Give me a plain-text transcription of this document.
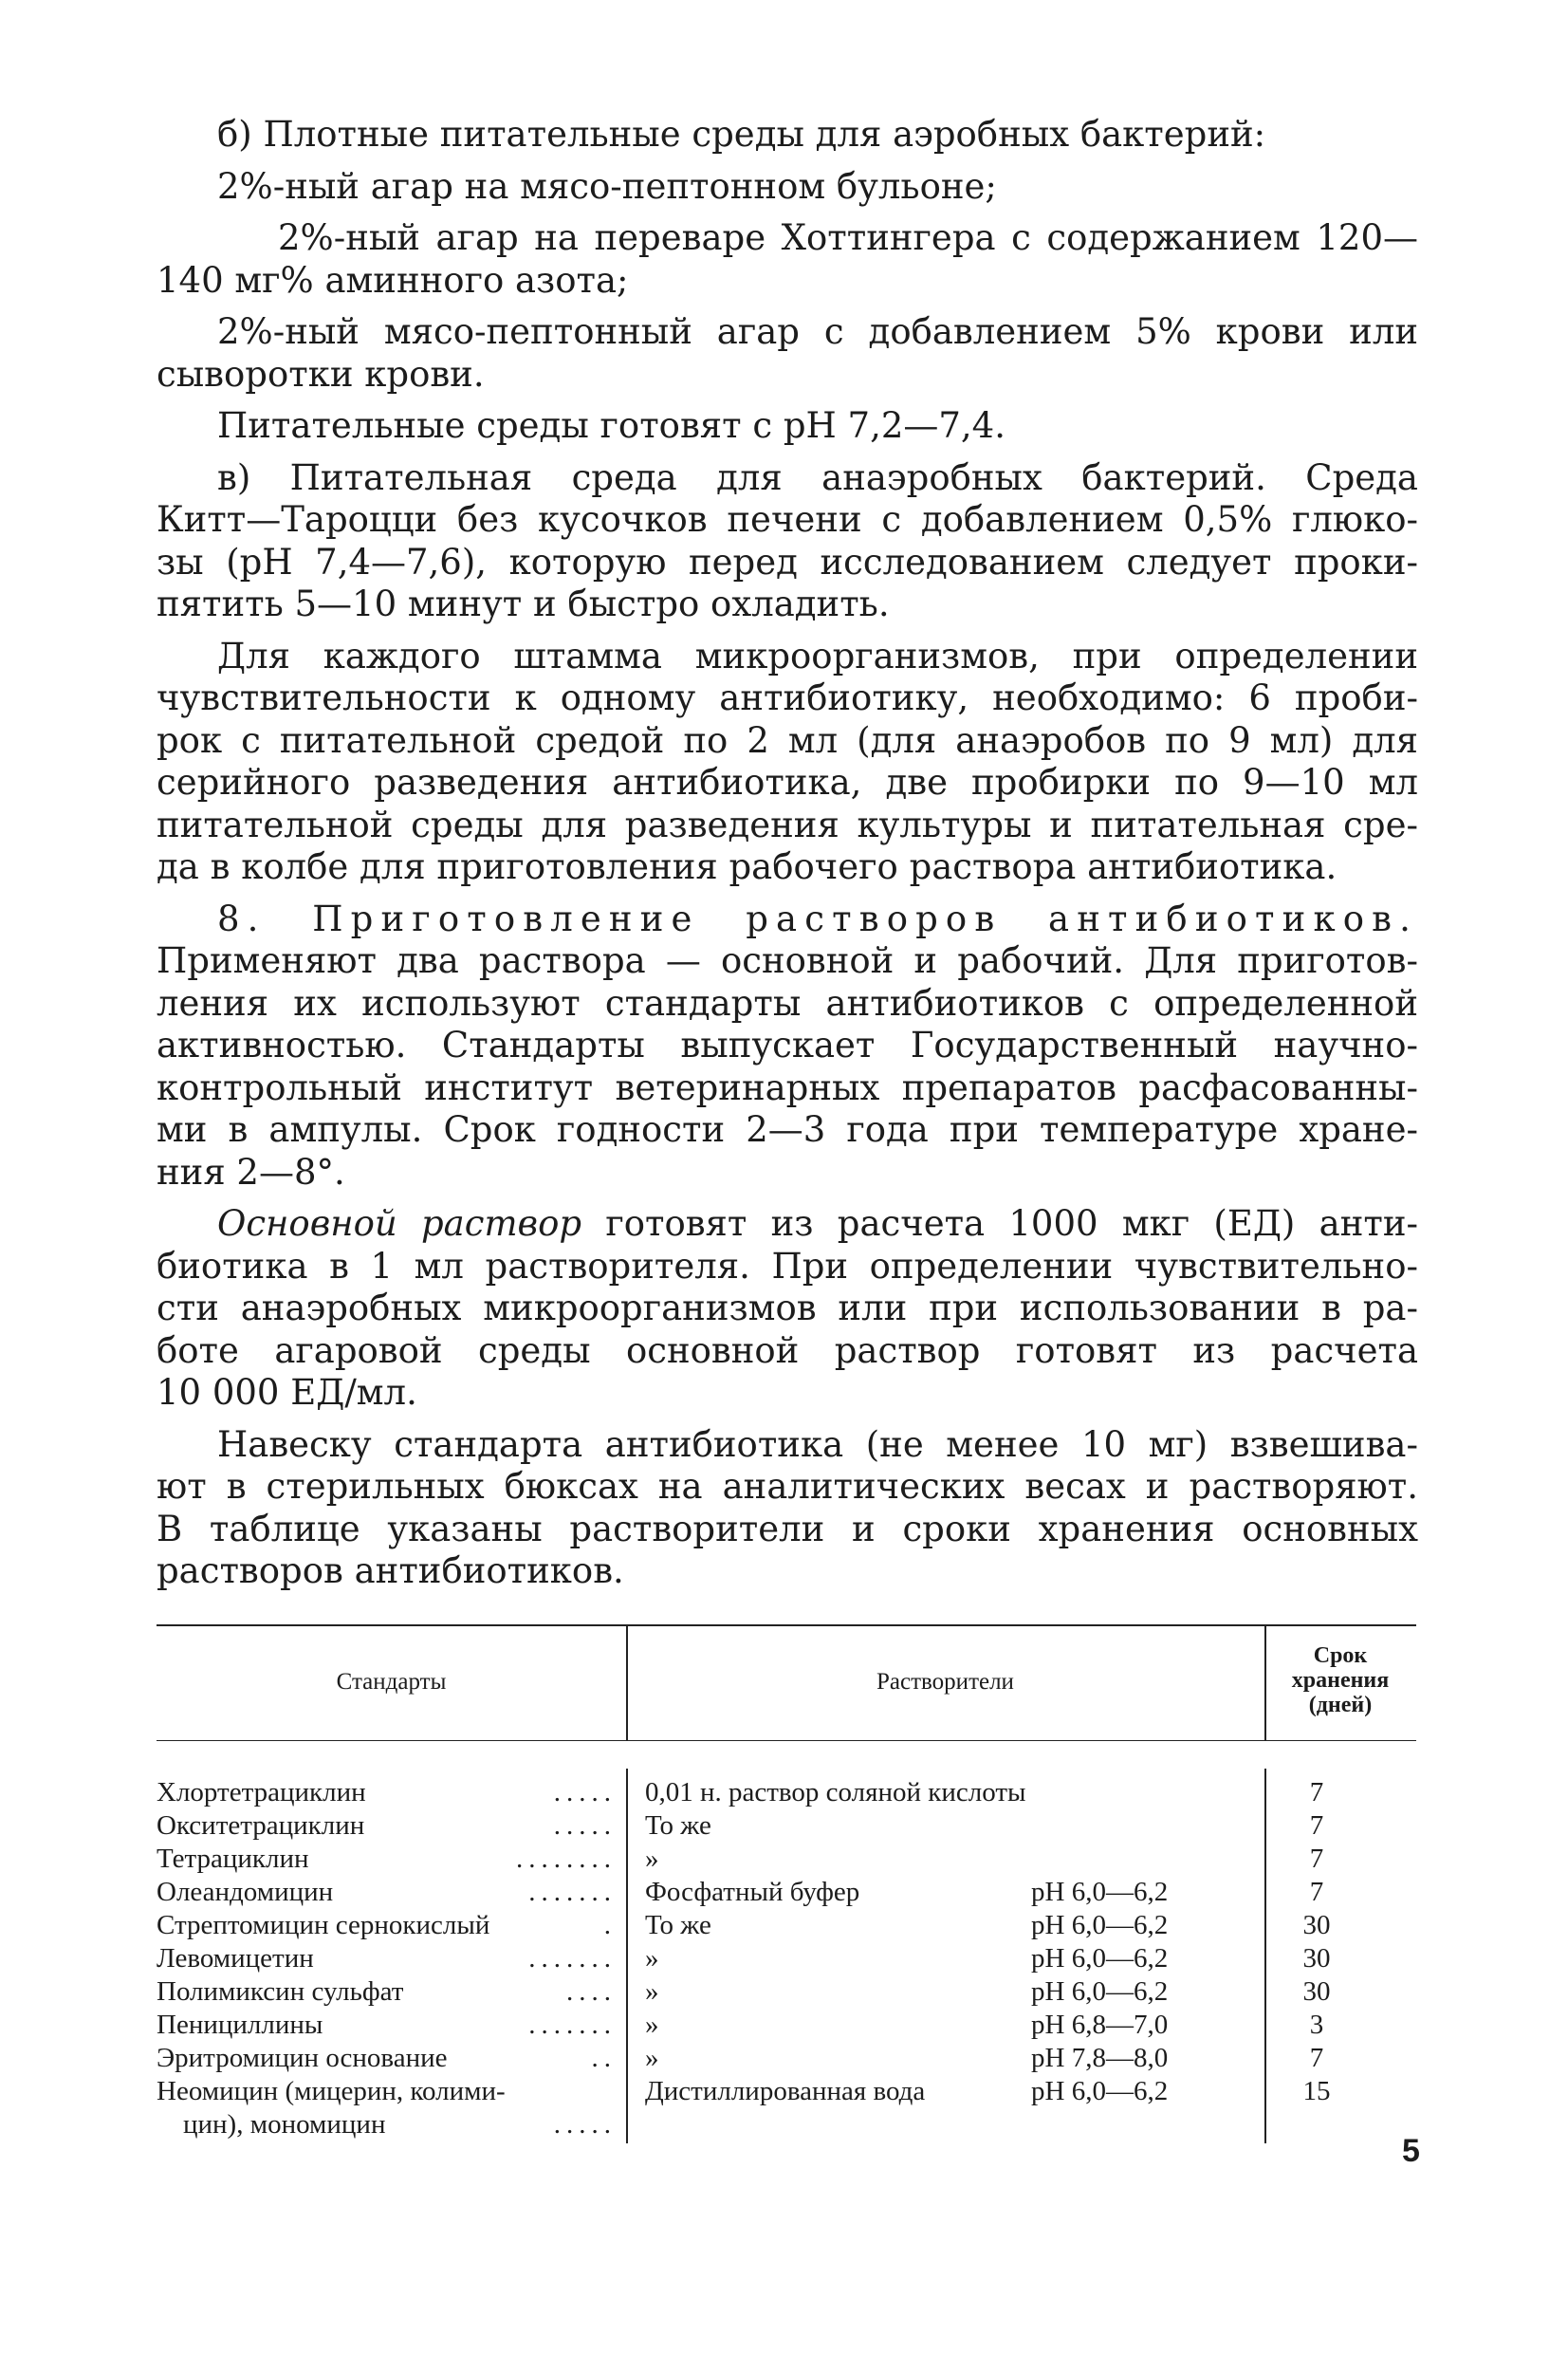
б) Плотные питательные среды для аэробных бактерий:

2%-ный агар на мясо-пептонном бульоне;

2%-ный агар на переваре Хоттингера с содержанием 120—
140 мг% аминного азота;

2%-ный мясо-пептонный агар с добавлением 5% крови или
сыворотки крови.

Питательные среды готовят с pH 7,2—7,4.

в) Питательная среда для анаэробных бактерий. Среда
Китт—Тароцци без кусочков печени с добавлением 0,5% глюко-
зы (pH 7,4—7,6), которую перед исследованием следует проки-
пятить 5—10 минут и быстро охладить.

Для каждого штамма микроорганизмов, при определении
чувствительности к одному антибиотику, необходимо: 6 проби-
рок с питательной средой по 2 мл (для анаэробов по 9 мл) для
серийного разведения антибиотика, две пробирки по 9—10 мл
питательной среды для разведения культуры и питательная сре-
да в колбе для приготовления рабочего раствора антибиотика.

8. Приготовление растворов антибиотиков.
Применяют два раствора — основной и рабочий. Для приготов-
ления их используют стандарты антибиотиков с определенной
активностью. Стандарты выпускает Государственный научно-
контрольный институт ветеринарных препаратов расфасованны-
ми в ампулы. Срок годности 2—3 года при температуре хране-
ния 2—8°.

Основной раствор готовят из расчета 1000 мкг (ЕД) анти-
биотика в 1 мл растворителя. При определении чувствительно-
сти анаэробных микроорганизмов или при использовании в ра-
боте агаровой среды основной раствор готовят из расчета
10 000 ЕД/мл.

Навеску стандарта антибиотика (не менее 10 мг) взвешива-
ют в стерильных бюксах на аналитических весах и растворяют.
В таблице указаны растворители и сроки хранения основных
растворов антибиотиков.

Стандарты	Растворители
Срок
хранения
(дней)
Хлортетрациклин	..... 0,01 н. раствор соляной кислоты	7
Окситетрациклин	..... То же	7
Тетрациклин	........ »	7
Олеандомицин	....... Фосфатный буфер	pH 6,0—6,2	7
Стрептомицин сернокислый	. То же	pH 6,0—6,2	30
Левомицетин	....... »	pH 6,0—6,2	30
Полимиксин сульфат	.... »	pH 6,0—6,2	30
Пенициллины	....... »	pH 6,8—7,0	3
Эритромицин основание	.. »	pH 7,8—8,0	7
Неомицин (мицерин, колими-	Дистиллированная вода	pH 6,0—6,2	15
цин), мономицин	.....
5
